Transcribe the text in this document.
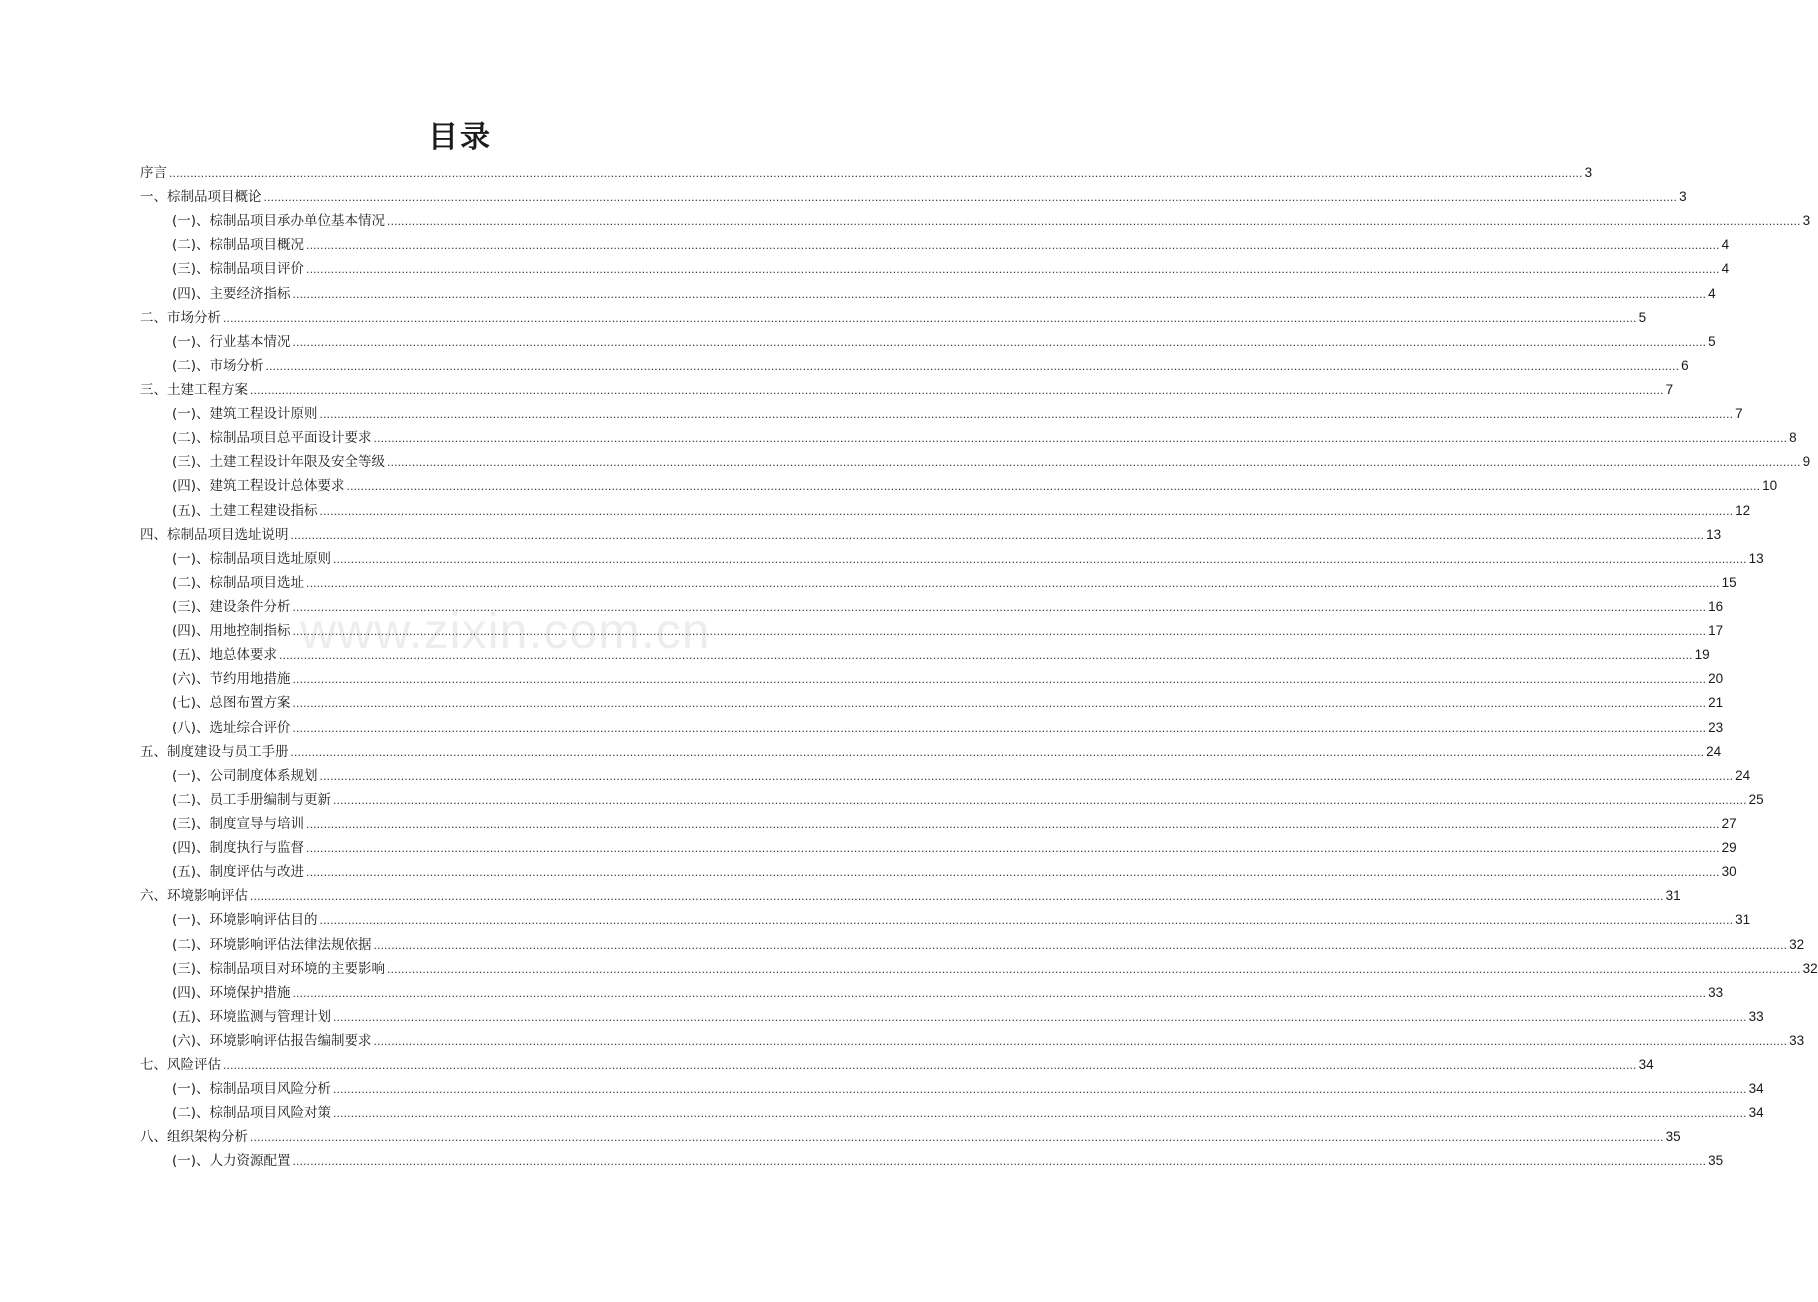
目录
序言 ................................................................................................................................................................................................................................................................................................................................................................................................................ 3
一、棕制品项目概论 ................................................................................................................................................................................................................................................................................................................................................................................................................ 3
(一)、棕制品项目承办单位基本情况 ................................................................................................................................................................................................................................................................................................................................................................................................................ 3
(二)、棕制品项目概况 ................................................................................................................................................................................................................................................................................................................................................................................................................ 4
(三)、棕制品项目评价 ................................................................................................................................................................................................................................................................................................................................................................................................................ 4
(四)、主要经济指标 ................................................................................................................................................................................................................................................................................................................................................................................................................ 4
二、市场分析 ................................................................................................................................................................................................................................................................................................................................................................................................................ 5
(一)、行业基本情况 ................................................................................................................................................................................................................................................................................................................................................................................................................ 5
(二)、市场分析 ................................................................................................................................................................................................................................................................................................................................................................................................................ 6
三、土建工程方案 ................................................................................................................................................................................................................................................................................................................................................................................................................ 7
(一)、建筑工程设计原则 ................................................................................................................................................................................................................................................................................................................................................................................................................ 7
(二)、棕制品项目总平面设计要求 ................................................................................................................................................................................................................................................................................................................................................................................................................ 8
(三)、土建工程设计年限及安全等级 ................................................................................................................................................................................................................................................................................................................................................................................................................ 9
(四)、建筑工程设计总体要求 ................................................................................................................................................................................................................................................................................................................................................................................................................ 10
(五)、土建工程建设指标 ................................................................................................................................................................................................................................................................................................................................................................................................................ 12
四、棕制品项目选址说明 ................................................................................................................................................................................................................................................................................................................................................................................................................ 13
(一)、棕制品项目选址原则 ................................................................................................................................................................................................................................................................................................................................................................................................................ 13
(二)、棕制品项目选址 ................................................................................................................................................................................................................................................................................................................................................................................................................ 15
(三)、建设条件分析 ................................................................................................................................................................................................................................................................................................................................................................................................................ 16
(四)、用地控制指标 ................................................................................................................................................................................................................................................................................................................................................................................................................ 17
(五)、地总体要求 ................................................................................................................................................................................................................................................................................................................................................................................................................ 19
(六)、节约用地措施 ................................................................................................................................................................................................................................................................................................................................................................................................................ 20
(七)、总图布置方案 ................................................................................................................................................................................................................................................................................................................................................................................................................ 21
(八)、选址综合评价 ................................................................................................................................................................................................................................................................................................................................................................................................................ 23
五、制度建设与员工手册 ................................................................................................................................................................................................................................................................................................................................................................................................................ 24
(一)、公司制度体系规划 ................................................................................................................................................................................................................................................................................................................................................................................................................ 24
(二)、员工手册编制与更新 ................................................................................................................................................................................................................................................................................................................................................................................................................ 25
(三)、制度宣导与培训 ................................................................................................................................................................................................................................................................................................................................................................................................................ 27
(四)、制度执行与监督 ................................................................................................................................................................................................................................................................................................................................................................................................................ 29
(五)、制度评估与改进 ................................................................................................................................................................................................................................................................................................................................................................................................................ 30
六、环境影响评估 ................................................................................................................................................................................................................................................................................................................................................................................................................ 31
(一)、环境影响评估目的 ................................................................................................................................................................................................................................................................................................................................................................................................................ 31
(二)、环境影响评估法律法规依据 ................................................................................................................................................................................................................................................................................................................................................................................................................ 32
(三)、棕制品项目对环境的主要影响 ................................................................................................................................................................................................................................................................................................................................................................................................................ 32
(四)、环境保护措施 ................................................................................................................................................................................................................................................................................................................................................................................................................ 33
(五)、环境监测与管理计划 ................................................................................................................................................................................................................................................................................................................................................................................................................ 33
(六)、环境影响评估报告编制要求 ................................................................................................................................................................................................................................................................................................................................................................................................................ 33
七、风险评估 ................................................................................................................................................................................................................................................................................................................................................................................................................ 34
(一)、棕制品项目风险分析 ................................................................................................................................................................................................................................................................................................................................................................................................................ 34
(二)、棕制品项目风险对策 ................................................................................................................................................................................................................................................................................................................................................................................................................ 34
八、组织架构分析 ................................................................................................................................................................................................................................................................................................................................................................................................................ 35
(一)、人力资源配置 ................................................................................................................................................................................................................................................................................................................................................................................................................ 35
www.zixin.com.cn
